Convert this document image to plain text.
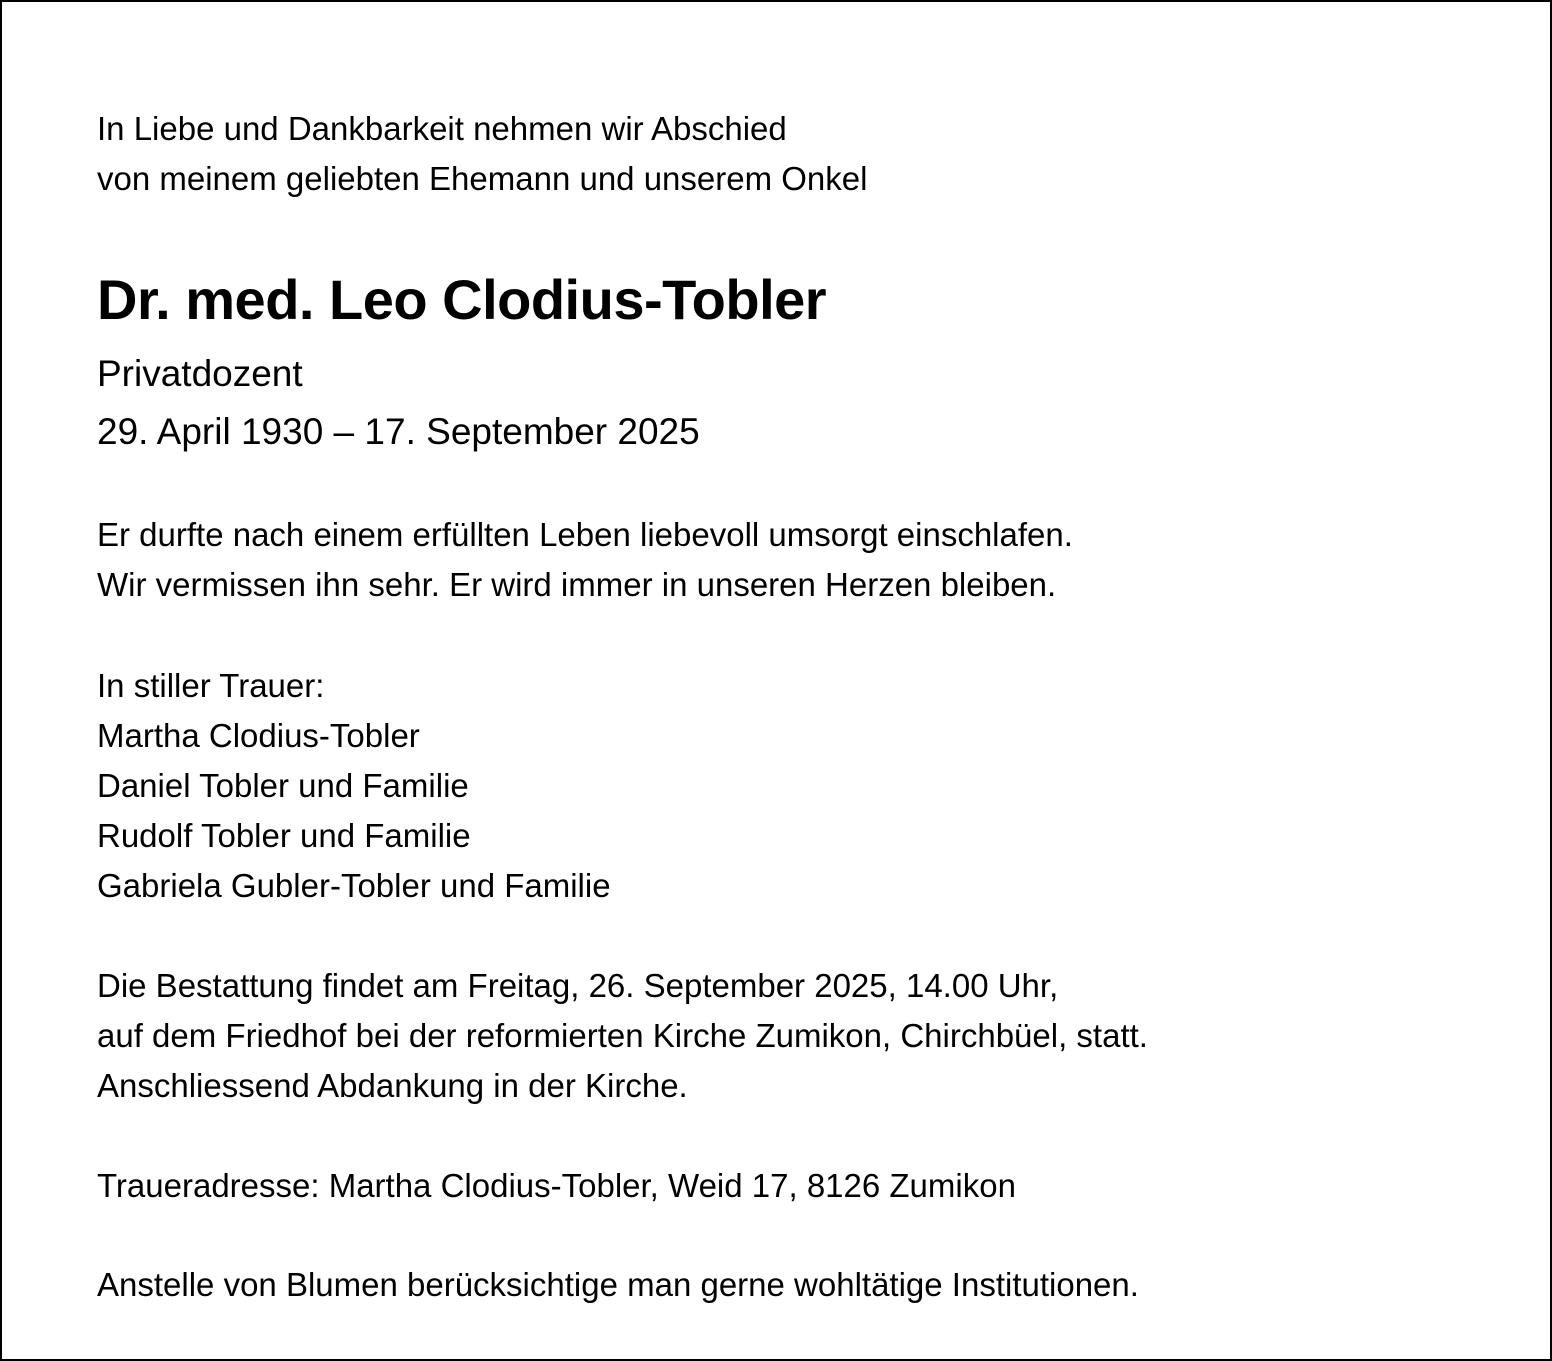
In Liebe und Dankbarkeit nehmen wir Abschied
von meinem geliebten Ehemann und unserem Onkel
Dr. med. Leo Clodius-Tobler
Privatdozent
29. April 1930 – 17. September 2025
Er durfte nach einem erfüllten Leben liebevoll umsorgt einschlafen.
Wir vermissen ihn sehr. Er wird immer in unseren Herzen bleiben.
In stiller Trauer:
Martha Clodius-Tobler
Daniel Tobler und Familie
Rudolf Tobler und Familie
Gabriela Gubler-Tobler und Familie
Die Bestattung findet am Freitag, 26. September 2025, 14.00 Uhr,
auf dem Friedhof bei der reformierten Kirche Zumikon, Chirchbüel, statt.
Anschliessend Abdankung in der Kirche.
Traueradresse: Martha Clodius-Tobler, Weid 17, 8126 Zumikon
Anstelle von Blumen berücksichtige man gerne wohltätige Institutionen.
